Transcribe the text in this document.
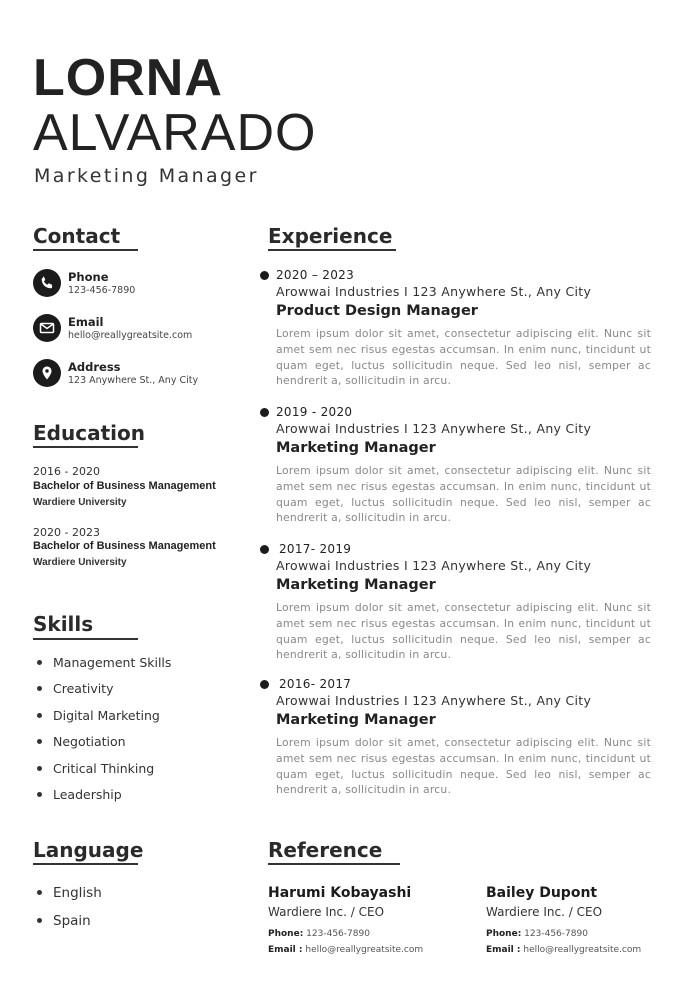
LORNA
ALVARADO
Marketing Manager
Contact
Phone
123-456-7890
Email
hello@reallygreatsite.com
Address
123 Anywhere St., Any City
Education
2016 - 2020
Bachelor of Business Management
Wardiere University
2020 - 2023
Bachelor of Business Management
Wardiere University
Skills
Management Skills
Creativity
Digital Marketing
Negotiation
Critical Thinking
Leadership
Language
English
Spain
Experience
2020 – 2023
Arowwai Industries I 123 Anywhere St., Any City
Product Design Manager
Lorem ipsum dolor sit amet, consectetur adipiscing elit. Nunc sit amet sem nec risus egestas accumsan. In enim nunc, tincidunt ut quam eget, luctus sollicitudin neque. Sed leo nisl, semper ac hendrerit a, sollicitudin in arcu.
2019 - 2020
Arowwai Industries I 123 Anywhere St., Any City
Marketing Manager
Lorem ipsum dolor sit amet, consectetur adipiscing elit. Nunc sit amet sem nec risus egestas accumsan. In enim nunc, tincidunt ut quam eget, luctus sollicitudin neque. Sed leo nisl, semper ac hendrerit a, sollicitudin in arcu.
2017- 2019
Arowwai Industries I 123 Anywhere St., Any City
Marketing Manager
Lorem ipsum dolor sit amet, consectetur adipiscing elit. Nunc sit amet sem nec risus egestas accumsan. In enim nunc, tincidunt ut quam eget, luctus sollicitudin neque. Sed leo nisl, semper ac hendrerit a, sollicitudin in arcu.
2016- 2017
Arowwai Industries I 123 Anywhere St., Any City
Marketing Manager
Lorem ipsum dolor sit amet, consectetur adipiscing elit. Nunc sit amet sem nec risus egestas accumsan. In enim nunc, tincidunt ut quam eget, luctus sollicitudin neque. Sed leo nisl, semper ac hendrerit a, sollicitudin in arcu.
Reference
Harumi Kobayashi
Wardiere Inc. / CEO
Phone: 123-456-7890
Email : hello@reallygreatsite.com
Bailey Dupont
Wardiere Inc. / CEO
Phone: 123-456-7890
Email : hello@reallygreatsite.com
